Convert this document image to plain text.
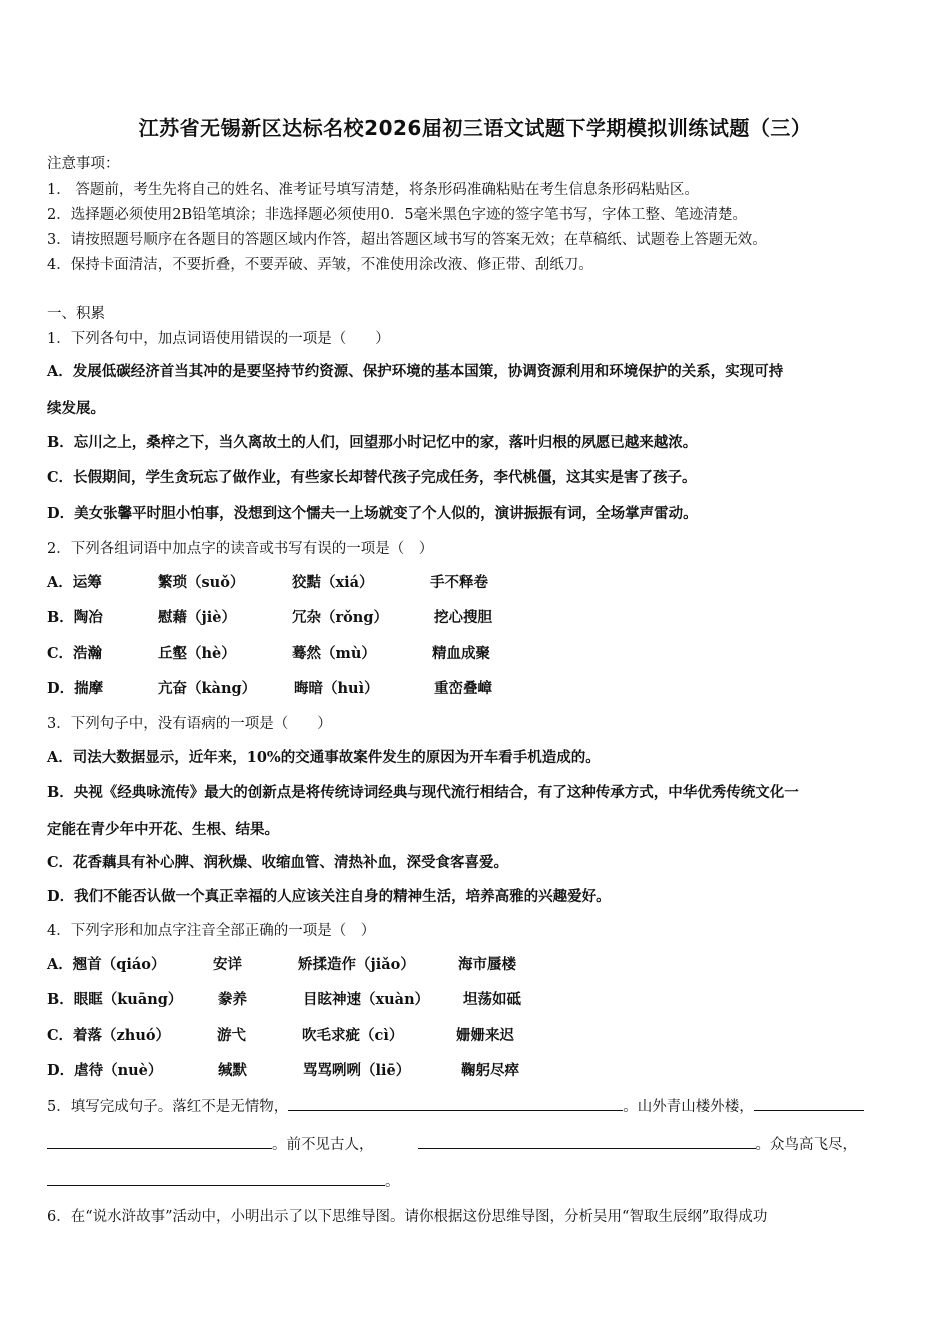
江苏省无锡新区达标名校2026届初三语文试题下学期模拟训练试题（三）
注意事项：
1． 答题前，考生先将自己的姓名、准考证号填写清楚，将条形码准确粘贴在考生信息条形码粘贴区。
2．选择题必须使用2B铅笔填涂；非选择题必须使用0．5毫米黑色字迹的签字笔书写，字体工整、笔迹清楚。
3．请按照题号顺序在各题目的答题区域内作答，超出答题区域书写的答案无效；在草稿纸、试题卷上答题无效。
4．保持卡面清洁，不要折叠，不要弄破、弄皱，不准使用涂改液、修正带、刮纸刀。
一、积累
1．下列各句中，加点词语使用错误的一项是（　　）
A．发展低碳经济首当其冲的是要坚持节约资源、保护环境的基本国策，协调资源利用和环境保护的关系，实现可持
续发展。
B．忘川之上，桑梓之下，当久离故土的人们，回望那小时记忆中的家，落叶归根的夙愿已越来越浓。
C．长假期间，学生贪玩忘了做作业，有些家长却替代孩子完成任务，李代桃僵，这其实是害了孩子。
D．美女张馨平时胆小怕事，没想到这个懦夫一上场就变了个人似的，演讲振振有词，全场掌声雷动。
2．下列各组词语中加点字的读音或书写有误的一项是（　）
A．运筹	繁琐（suǒ）	狡黠（xiá）	手不释卷
B．陶冶	慰藉（jiè）	冗杂（rǒng）	挖心搜胆
C．浩瀚	丘壑（hè）	蓦然（mù）	精血成聚
D．揣摩	亢奋（kàng）	晦暗（huì）	重峦叠嶂
3．下列句子中，没有语病的一项是（　　）
A．司法大数据显示，近年来，10%的交通事故案件发生的原因为开车看手机造成的。
B．央视《经典咏流传》最大的创新点是将传统诗词经典与现代流行相结合，有了这种传承方式，中华优秀传统文化一
定能在青少年中开花、生根、结果。
C．花香藕具有补心脾、润秋燥、收缩血管、清热补血，深受食客喜爱。
D．我们不能否认做一个真正幸福的人应该关注自身的精神生活，培养高雅的兴趣爱好。
4．下列字形和加点字注音全部正确的一项是（　）
A．翘首（qiáo）	安详	矫揉造作（jiǎo）	海市蜃楼
B．眼眶（kuāng） 豢养	目眩神速（xuàn） 坦荡如砥
C．着落（zhuó）	游弋	吹毛求疵（cì）	姗姗来迟
D．虐待（nuè）	缄默	骂骂咧咧（liē）	鞠躬尽瘁
5．填写完成句子。落红不是无情物，	。山外青山楼外楼，
。前不见古人，	。众鸟高飞尽，
。
6．在“说水浒故事”活动中，小明出示了以下思维导图。请你根据这份思维导图，分析吴用“智取生辰纲”取得成功
